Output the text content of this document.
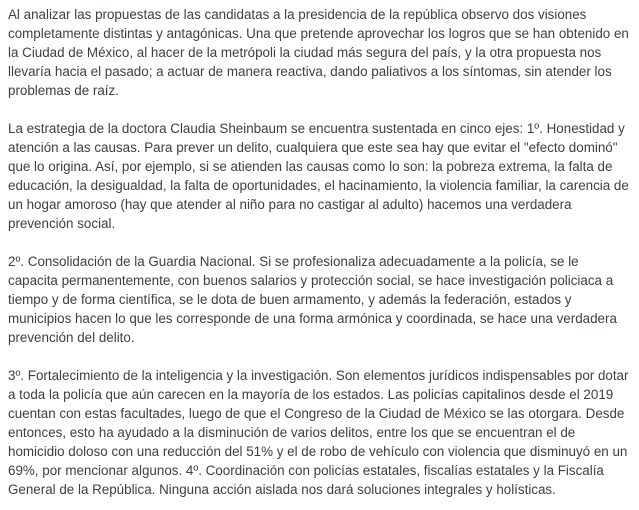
Al analizar las propuestas de las candidatas a la presidencia de la república observo dos visiones completamente distintas y antagónicas. Una que pretende aprovechar los logros que se han obtenido en la Ciudad de México, al hacer de la metrópoli la ciudad más segura del país, y la otra propuesta nos llevaría hacia el pasado; a actuar de manera reactiva, dando paliativos a los síntomas, sin atender los problemas de raíz.

La estrategia de la doctora Claudia Sheinbaum se encuentra sustentada en cinco ejes: 1º. Honestidad y atención a las causas. Para prever un delito, cualquiera que este sea hay que evitar el "efecto dominó" que lo origina. Así, por ejemplo, si se atienden las causas como lo son: la pobreza extrema, la falta de educación, la desigualdad, la falta de oportunidades, el hacinamiento, la violencia familiar, la carencia de un hogar amoroso (hay que atender al niño para no castigar al adulto) hacemos una verdadera prevención social.

2º. Consolidación de la Guardia Nacional. Si se profesionaliza adecuadamente a la policía, se le capacita permanentemente, con buenos salarios y protección social, se hace investigación policiaca a tiempo y de forma científica, se le dota de buen armamento, y además la federación, estados y municipios hacen lo que les corresponde de una forma armónica y coordinada, se hace una verdadera prevención del delito.

3º. Fortalecimiento de la inteligencia y la investigación. Son elementos jurídicos indispensables por dotar a toda la policía que aún carecen en la mayoría de los estados. Las policías capitalinos desde el 2019 cuentan con estas facultades, luego de que el Congreso de la Ciudad de México se las otorgara. Desde entonces, esto ha ayudado a la disminución de varios delitos, entre los que se encuentran el de homicidio doloso con una reducción del 51% y el de robo de vehículo con violencia que disminuyó en un 69%, por mencionar algunos. 4º. Coordinación con policías estatales, fiscalías estatales y la Fiscalía General de la República. Ninguna acción aislada nos dará soluciones integrales y holísticas.
